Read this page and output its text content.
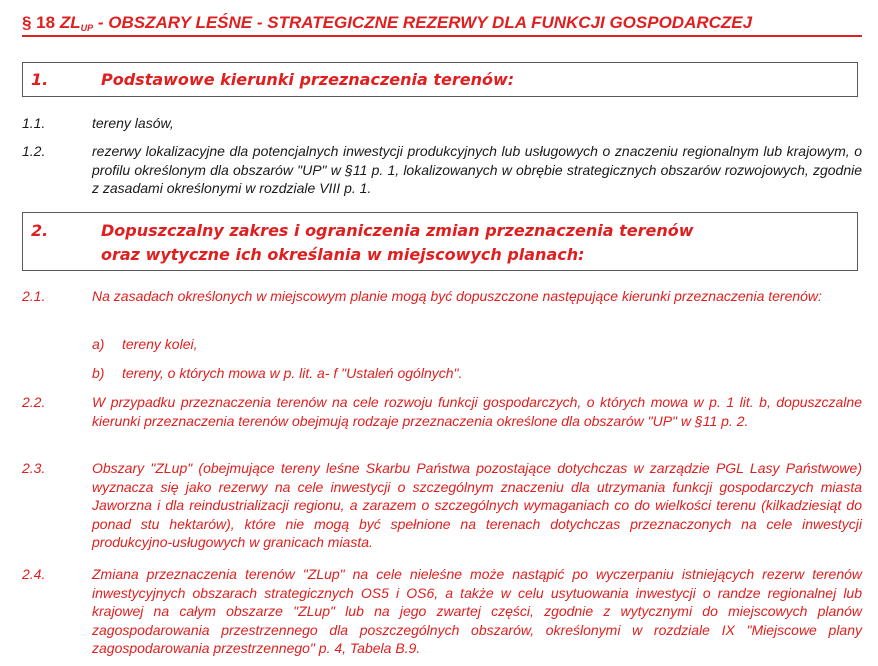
§ 18 $ZL_{UP}$ - OBSZARY LEŚNE - STRATEGICZNE REZERWY DLA FUNKCJI GOSPODARCZEJ
1.	Podstawowe kierunki przeznaczenia terenów:
1.1.	tereny lasów,
1.2.	rezerwy lokalizacyjne dla potencjalnych inwestycji produkcyjnych lub usługowych o znaczeniu regionalnym lub krajowym, o profilu określonym dla obszarów "UP" w §11 p. 1, lokalizowanych w obrębie strategicznych obszarów rozwojowych, zgodnie z zasadami określonymi w rozdziale VIII p. 1.
2.	Dopuszczalny zakres i ograniczenia zmian przeznaczenia terenów
oraz wytyczne ich określania w miejscowych planach:
2.1.	Na zasadach określonych w miejscowym planie mogą być dopuszczone następujące kierunki przeznaczenia terenów:
a) tereny kolei,
b) tereny, o których mowa w p. lit. a- f "Ustaleń ogólnych".
2.2.	W przypadku przeznaczenia terenów na cele rozwoju funkcji gospodarczych, o których mowa w p. 1 lit. b, dopuszczalne kierunki przeznaczenia terenów obejmują rodzaje przeznaczenia określone dla obszarów "UP" w §11 p. 2.
2.3.	Obszary "ZLup" (obejmujące tereny leśne Skarbu Państwa pozostające dotychczas w zarządzie PGL Lasy Państwowe) wyznacza się jako rezerwy na cele inwestycji o szczególnym znaczeniu dla utrzymania funkcji gospodarczych miasta Jaworzna i dla reindustrializacji regionu, a zarazem o szczególnych wymaganiach co do wielkości terenu (kilkadziesiąt do ponad stu hektarów), które nie mogą być spełnione na terenach dotychczas przeznaczonych na cele inwestycji produkcyjno-usługowych w granicach miasta.
2.4.	Zmiana przeznaczenia terenów "ZLup" na cele nieleśne może nastąpić po wyczerpaniu istniejących rezerw terenów inwestycyjnych obszarach strategicznych OS5 i OS6, a także w celu usytuowania inwestycji o randze regionalnej lub krajowej na całym obszarze "ZLup" lub na jego zwartej części, zgodnie z wytycznymi do miejscowych planów zagospodarowania przestrzennego dla poszczególnych obszarów, określonymi w rozdziale IX "Miejscowe plany zagospodarowania przestrzennego" p. 4, Tabela B.9.
